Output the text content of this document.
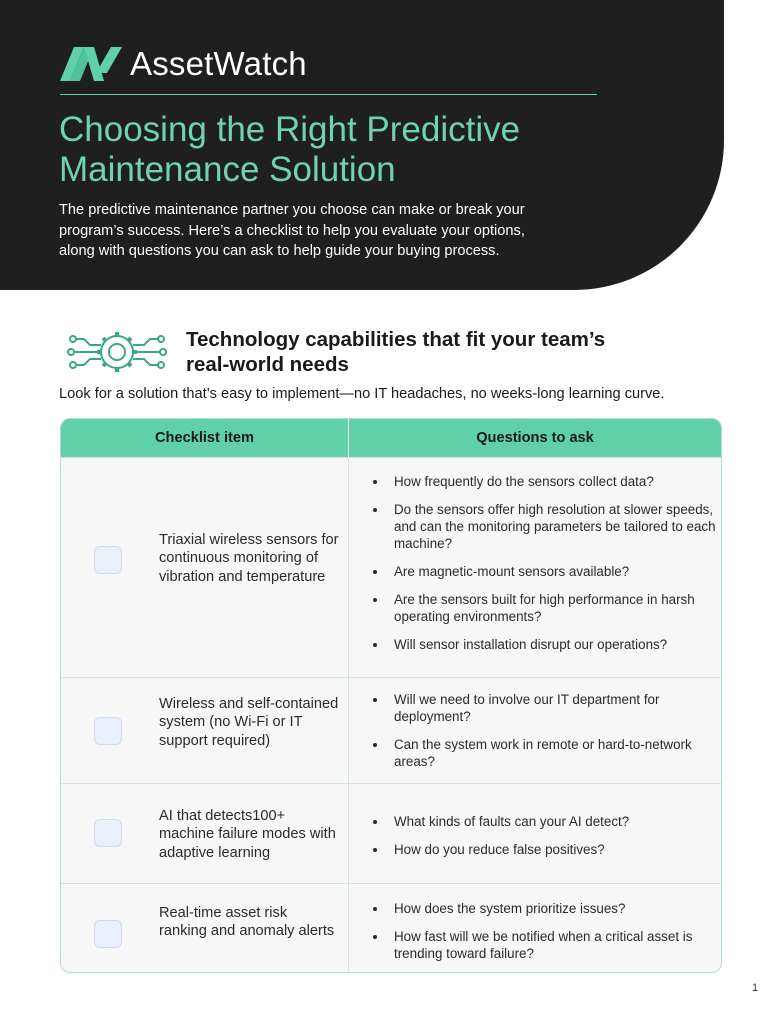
AssetWatch
Choosing the Right Predictive
Maintenance Solution

The predictive maintenance partner you choose can make or break your
program’s success. Here’s a checklist to help you evaluate your options,
along with questions you can ask to help guide your buying process.

Technology capabilities that fit your team’s
real-world needs

Look for a solution that’s easy to implement—no IT headaches, no weeks-long learning curve.

Checklist item	Questions to ask

Triaxial wireless sensors for continuous monitoring of vibration and temperature

How frequently do the sensors collect data?
Do the sensors offer high resolution at slower speeds, and can the monitoring parameters be tailored to each machine?
Are magnetic-mount sensors available?
Are the sensors built for high performance in harsh operating environments?
Will sensor installation disrupt our operations?

Wireless and self-contained system (no Wi-Fi or IT support required)

Will we need to involve our IT department for deployment?
Can the system work in remote or hard-to-network areas?

AI that detects100+ machine failure modes with adaptive learning

What kinds of faults can your AI detect?
How do you reduce false positives?

Real-time asset risk ranking and anomaly alerts

How does the system prioritize issues?
How fast will we be notified when a critical asset is trending toward failure?
1
